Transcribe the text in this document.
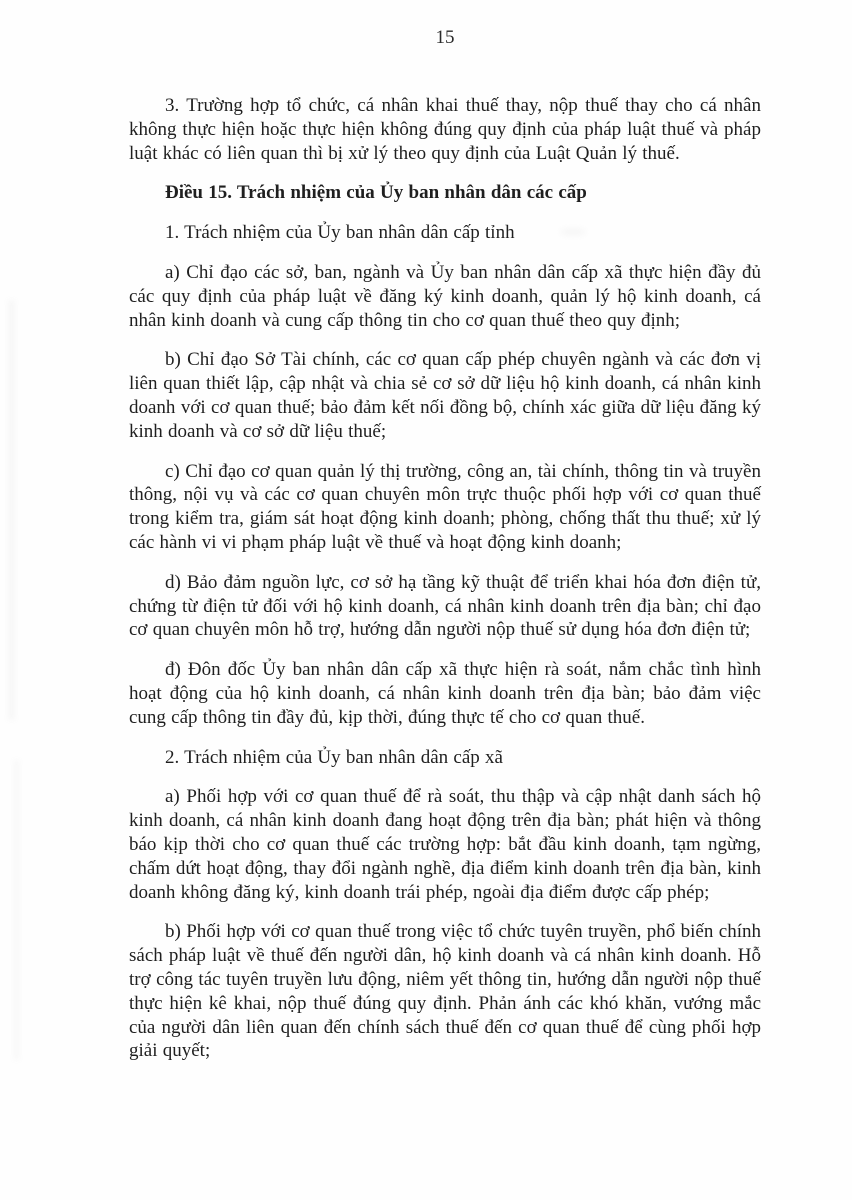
15

3. Trường hợp tổ chức, cá nhân khai thuế thay, nộp thuế thay cho cá nhân không thực hiện hoặc thực hiện không đúng quy định của pháp luật thuế và pháp luật khác có liên quan thì bị xử lý theo quy định của Luật Quản lý thuế.

Điều 15. Trách nhiệm của Ủy ban nhân dân các cấp

1. Trách nhiệm của Ủy ban nhân dân cấp tỉnh

a) Chỉ đạo các sở, ban, ngành và Ủy ban nhân dân cấp xã thực hiện đầy đủ các quy định của pháp luật về đăng ký kinh doanh, quản lý hộ kinh doanh, cá nhân kinh doanh và cung cấp thông tin cho cơ quan thuế theo quy định;

b) Chỉ đạo Sở Tài chính, các cơ quan cấp phép chuyên ngành và các đơn vị liên quan thiết lập, cập nhật và chia sẻ cơ sở dữ liệu hộ kinh doanh, cá nhân kinh doanh với cơ quan thuế; bảo đảm kết nối đồng bộ, chính xác giữa dữ liệu đăng ký kinh doanh và cơ sở dữ liệu thuế;

c) Chỉ đạo cơ quan quản lý thị trường, công an, tài chính, thông tin và truyền thông, nội vụ và các cơ quan chuyên môn trực thuộc phối hợp với cơ quan thuế trong kiểm tra, giám sát hoạt động kinh doanh; phòng, chống thất thu thuế; xử lý các hành vi vi phạm pháp luật về thuế và hoạt động kinh doanh;

d) Bảo đảm nguồn lực, cơ sở hạ tầng kỹ thuật để triển khai hóa đơn điện tử, chứng từ điện tử đối với hộ kinh doanh, cá nhân kinh doanh trên địa bàn; chỉ đạo cơ quan chuyên môn hỗ trợ, hướng dẫn người nộp thuế sử dụng hóa đơn điện tử;

đ) Đôn đốc Ủy ban nhân dân cấp xã thực hiện rà soát, nắm chắc tình hình hoạt động của hộ kinh doanh, cá nhân kinh doanh trên địa bàn; bảo đảm việc cung cấp thông tin đầy đủ, kịp thời, đúng thực tế cho cơ quan thuế.

2. Trách nhiệm của Ủy ban nhân dân cấp xã

a) Phối hợp với cơ quan thuế để rà soát, thu thập và cập nhật danh sách hộ kinh doanh, cá nhân kinh doanh đang hoạt động trên địa bàn; phát hiện và thông báo kịp thời cho cơ quan thuế các trường hợp: bắt đầu kinh doanh, tạm ngừng, chấm dứt hoạt động, thay đổi ngành nghề, địa điểm kinh doanh trên địa bàn, kinh doanh không đăng ký, kinh doanh trái phép, ngoài địa điểm được cấp phép;

b) Phối hợp với cơ quan thuế trong việc tổ chức tuyên truyền, phổ biến chính sách pháp luật về thuế đến người dân, hộ kinh doanh và cá nhân kinh doanh. Hỗ trợ công tác tuyên truyền lưu động, niêm yết thông tin, hướng dẫn người nộp thuế thực hiện kê khai, nộp thuế đúng quy định. Phản ánh các khó khăn, vướng mắc của người dân liên quan đến chính sách thuế đến cơ quan thuế để cùng phối hợp giải quyết;
